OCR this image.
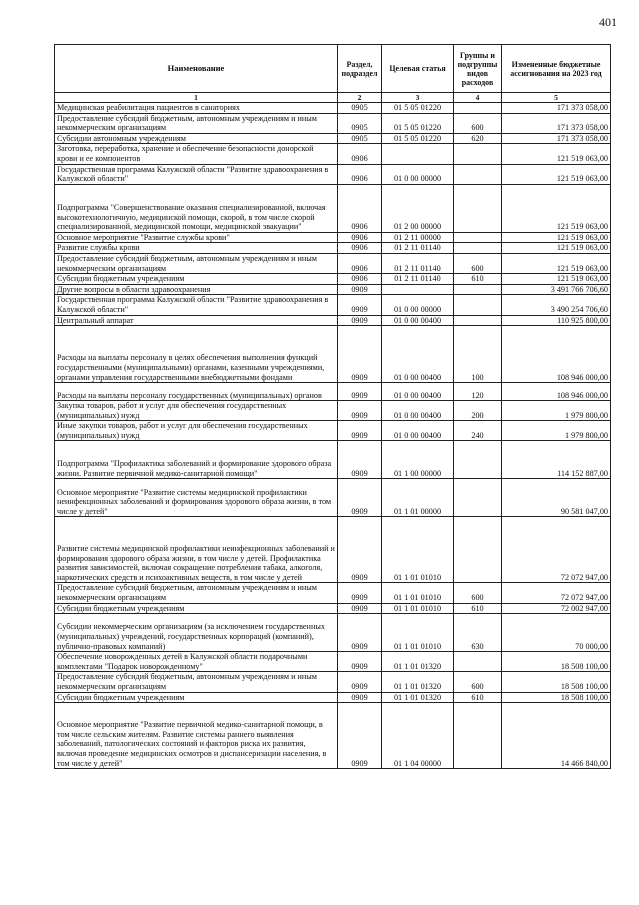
401
Наименование	Раздел, подраздел	Целевая статья	Группы и подгруппы видов расходов	Измененные бюджетные ассигнования на 2023 год
1	2	3	4	5
Медицинская реабилитация пациентов в санаториях	0905	01 5 05 01220		171 373 058,00
Предоставление субсидий бюджетным, автономным учреждениям и иным некоммерческим организациям	0905	01 5 05 01220	600	171 373 058,00
Субсидии автономным учреждениям	0905	01 5 05 01220	620	171 373 058,00
Заготовка, переработка, хранение и обеспечение безопасности донорской крови и ее компонентов	0906			121 519 063,00
Государственная программа Калужской области "Развитие здравоохранения в Калужской области"	0906	01 0 00 00000		121 519 063,00
Подпрограмма "Совершенствование оказания специализированной, включая высокотехнологичную, медицинской помощи, скорой, в том числе скорой специализированной, медицинской помощи, медицинской эвакуации"	0906	01 2 00 00000		121 519 063,00
Основное мероприятие "Развитие службы крови"	0906	01 2 11 00000		121 519 063,00
Развитие службы крови	0906	01 2 11 01140		121 519 063,00
Предоставление субсидий бюджетным, автономным учреждениям и иным некоммерческим организациям	0906	01 2 11 01140	600	121 519 063,00
Субсидии бюджетным учреждениям	0906	01 2 11 01140	610	121 519 063,00
Другие вопросы в области здравоохранения	0909			3 491 766 706,60
Государственная программа Калужской области "Развитие здравоохранения в Калужской области"	0909	01 0 00 00000		3 490 254 706,60
Центральный аппарат	0909	01 0 00 00400		110 925 800,00
Расходы на выплаты персоналу в целях обеспечения выполнения функций государственными (муниципальными) органами, казенными учреждениями, органами управления государственными внебюджетными фондами	0909	01 0 00 00400	100	108 946 000,00
Расходы на выплаты персоналу государственных (муниципальных) органов	0909	01 0 00 00400	120	108 946 000,00
Закупка товаров, работ и услуг для обеспечения государственных (муниципальных) нужд	0909	01 0 00 00400	200	1 979 800,00
Иные закупки товаров, работ и услуг для обеспечения государственных (муниципальных) нужд	0909	01 0 00 00400	240	1 979 800,00
Подпрограмма "Профилактика заболеваний и формирование здорового образа жизни. Развитие первичной медико-санитарной помощи"	0909	01 1 00 00000		114 152 887,00
Основное мероприятие "Развитие системы медицинской профилактики неинфекционных заболеваний и формирования здорового образа жизни, в том числе у детей"	0909	01 1 01 00000		90 581 047,00
Развитие системы медицинской профилактики неинфекционных заболеваний и формирования здорового образа жизни, в том числе у детей. Профилактика развития зависимостей, включая сокращение потребления табака, алкоголя, наркотических средств и психоактивных веществ, в том числе у детей	0909	01 1 01 01010		72 072 947,00
Предоставление субсидий бюджетным, автономным учреждениям и иным некоммерческим организациям	0909	01 1 01 01010	600	72 072 947,00
Субсидии бюджетным учреждениям	0909	01 1 01 01010	610	72 002 947,00
Субсидии некоммерческим организациям (за исключением государственных (муниципальных) учреждений, государственных корпораций (компаний), публично-правовых компаний)	0909	01 1 01 01010	630	70 000,00
Обеспечение новорожденных детей в Калужской области подарочными комплектами "Подарок новорожденному"	0909	01 1 01 01320		18 508 100,00
Предоставление субсидий бюджетным, автономным учреждениям и иным некоммерческим организациям	0909	01 1 01 01320	600	18 508 100,00
Субсидии бюджетным учреждениям	0909	01 1 01 01320	610	18 508 100,00
Основное мероприятие "Развитие первичной медико-санитарной помощи, в том числе сельским жителям. Развитие системы раннего выявления заболеваний, патологических состояний и факторов риска их развития, включая проведение медицинских осмотров и диспансеризации населения, в том числе у детей"	0909	01 1 04 00000		14 466 840,00
